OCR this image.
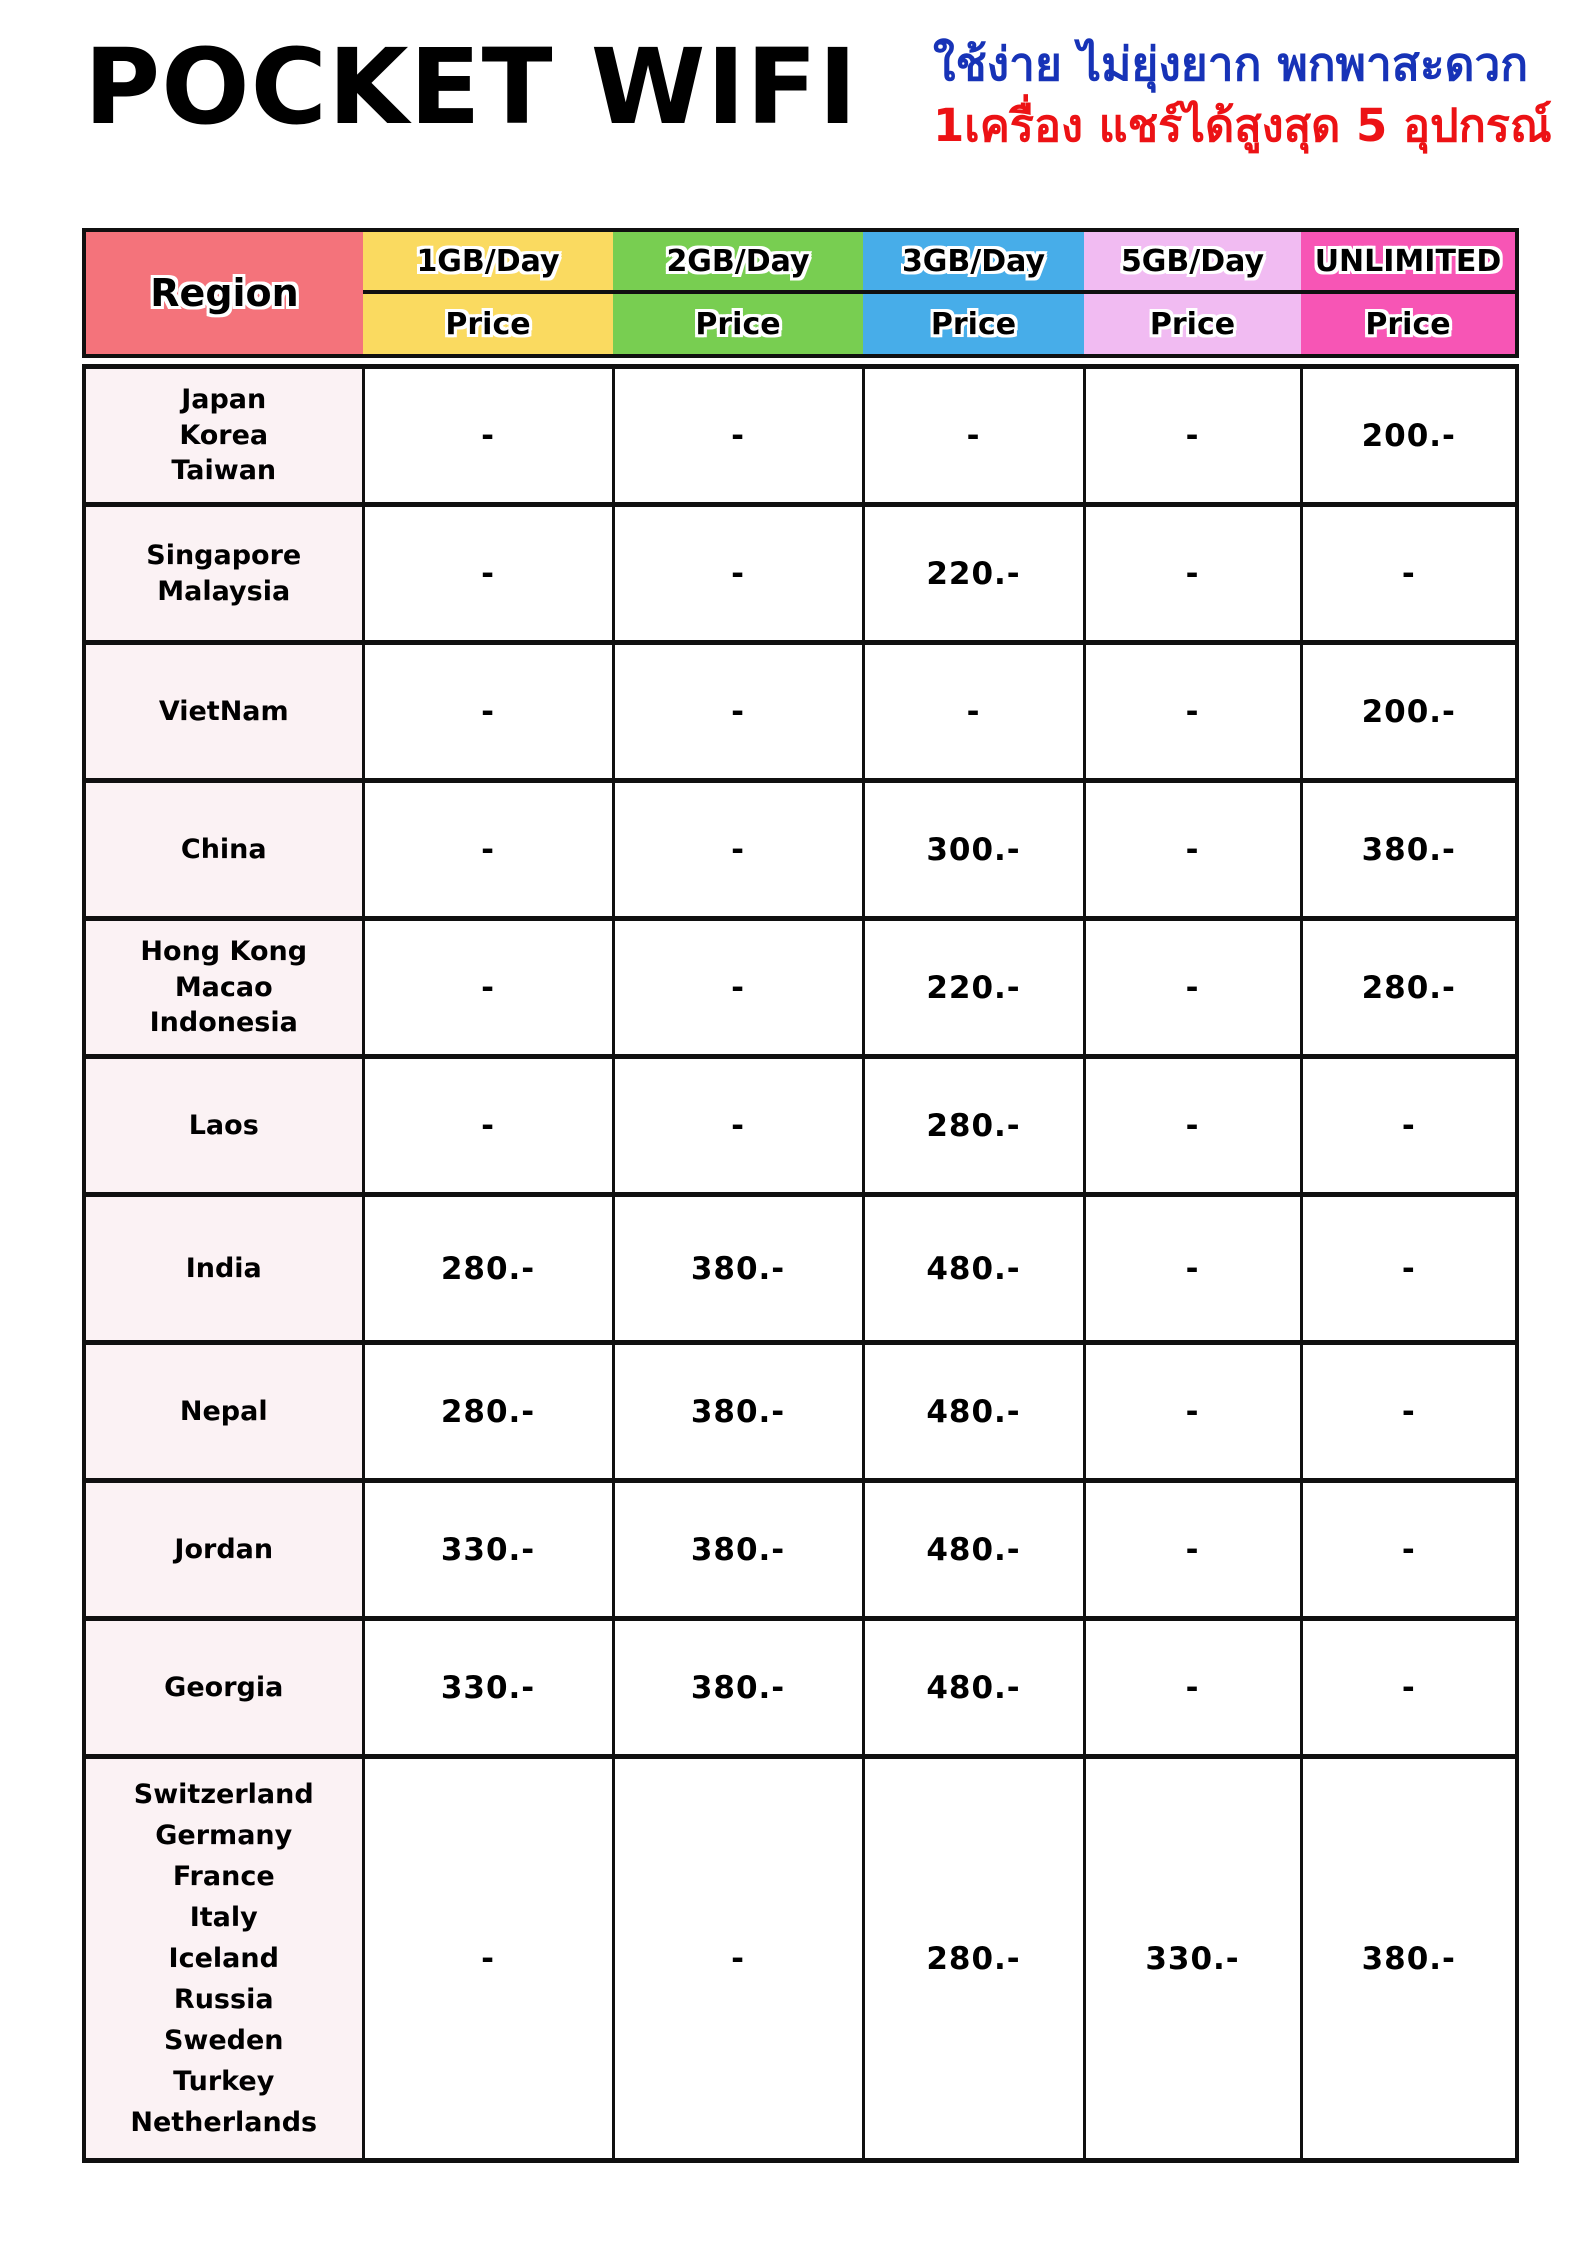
POCKET WIFI ใช้ง่าย ไม่ยุ่งยาก พกพาสะดวก

1เครื่อง แชร์ได้สูงสุด 5 อุปกรณ์

Region	1GB/Day	2GB/Day	3GB/Day	5GB/Day	UNLIMITED
	Price	Price	Price	Price	Price
Japan
Korea
Taiwan	-	-	-	-	200.-

Singapore
Malaysia	-	-	220.-	-	-

VietNam	-	-	-	-	200.-

China	-	-	300.-	-	380.-

Hong Kong
Macao
Indonesia	-	-	220.-	-	280.-

Laos	-	-	280.-	-	-

India	280.-	380.-	480.-	-	-

Nepal	280.-	380.-	480.-	-	-

Jordan	330.-	380.-	480.-	-	-

Georgia	330.-	380.-	480.-	-	-

Switzerland
Germany
France
Italy
Iceland
Russia
Sweden
Turkey
Netherlands
	-	-	280.-	330.-	380.-
